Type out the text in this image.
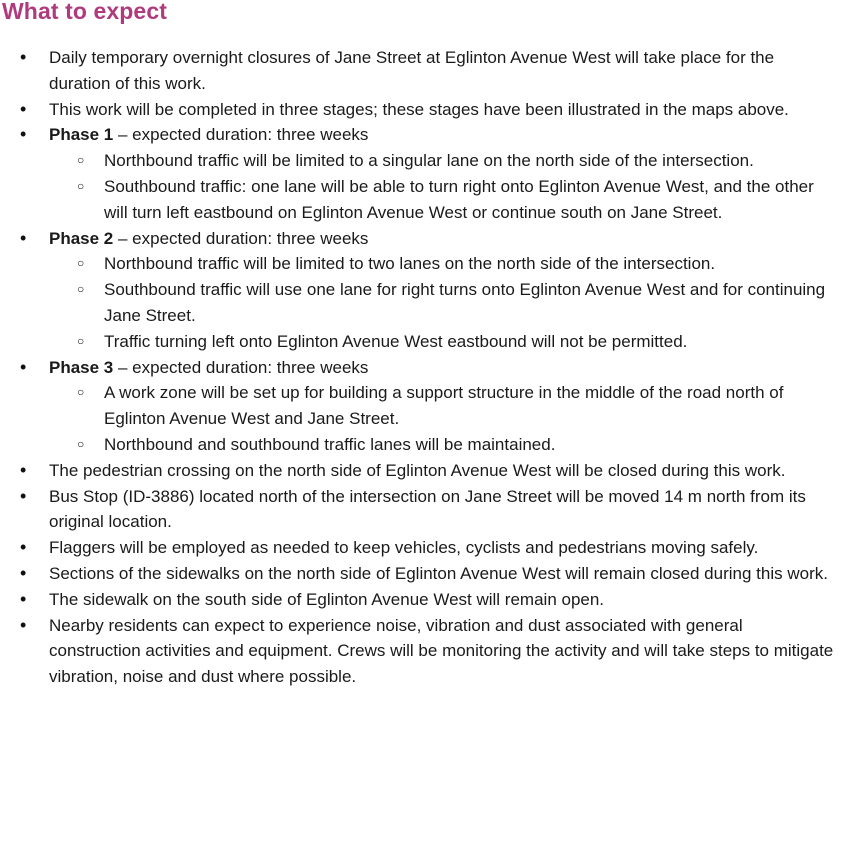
What to expect
• Daily temporary overnight closures of Jane Street at Eglinton Avenue West will take place for the duration of this work.
• This work will be completed in three stages; these stages have been illustrated in the maps above.
• Phase 1 – expected duration: three weeks
○ Northbound traffic will be limited to a singular lane on the north side of the intersection.
○ Southbound traffic: one lane will be able to turn right onto Eglinton Avenue West, and the other will turn left eastbound on Eglinton Avenue West or continue south on Jane Street.
• Phase 2 – expected duration: three weeks
○ Northbound traffic will be limited to two lanes on the north side of the intersection.
○ Southbound traffic will use one lane for right turns onto Eglinton Avenue West and for continuing Jane Street.
○ Traffic turning left onto Eglinton Avenue West eastbound will not be permitted.
• Phase 3 – expected duration: three weeks
○ A work zone will be set up for building a support structure in the middle of the road north of Eglinton Avenue West and Jane Street.
○ Northbound and southbound traffic lanes will be maintained.
• The pedestrian crossing on the north side of Eglinton Avenue West will be closed during this work.
• Bus Stop (ID-3886) located north of the intersection on Jane Street will be moved 14 m north from its original location.
• Flaggers will be employed as needed to keep vehicles, cyclists and pedestrians moving safely.
• Sections of the sidewalks on the north side of Eglinton Avenue West will remain closed during this work.
• The sidewalk on the south side of Eglinton Avenue West will remain open.
• Nearby residents can expect to experience noise, vibration and dust associated with general construction activities and equipment. Crews will be monitoring the activity and will take steps to mitigate vibration, noise and dust where possible.
